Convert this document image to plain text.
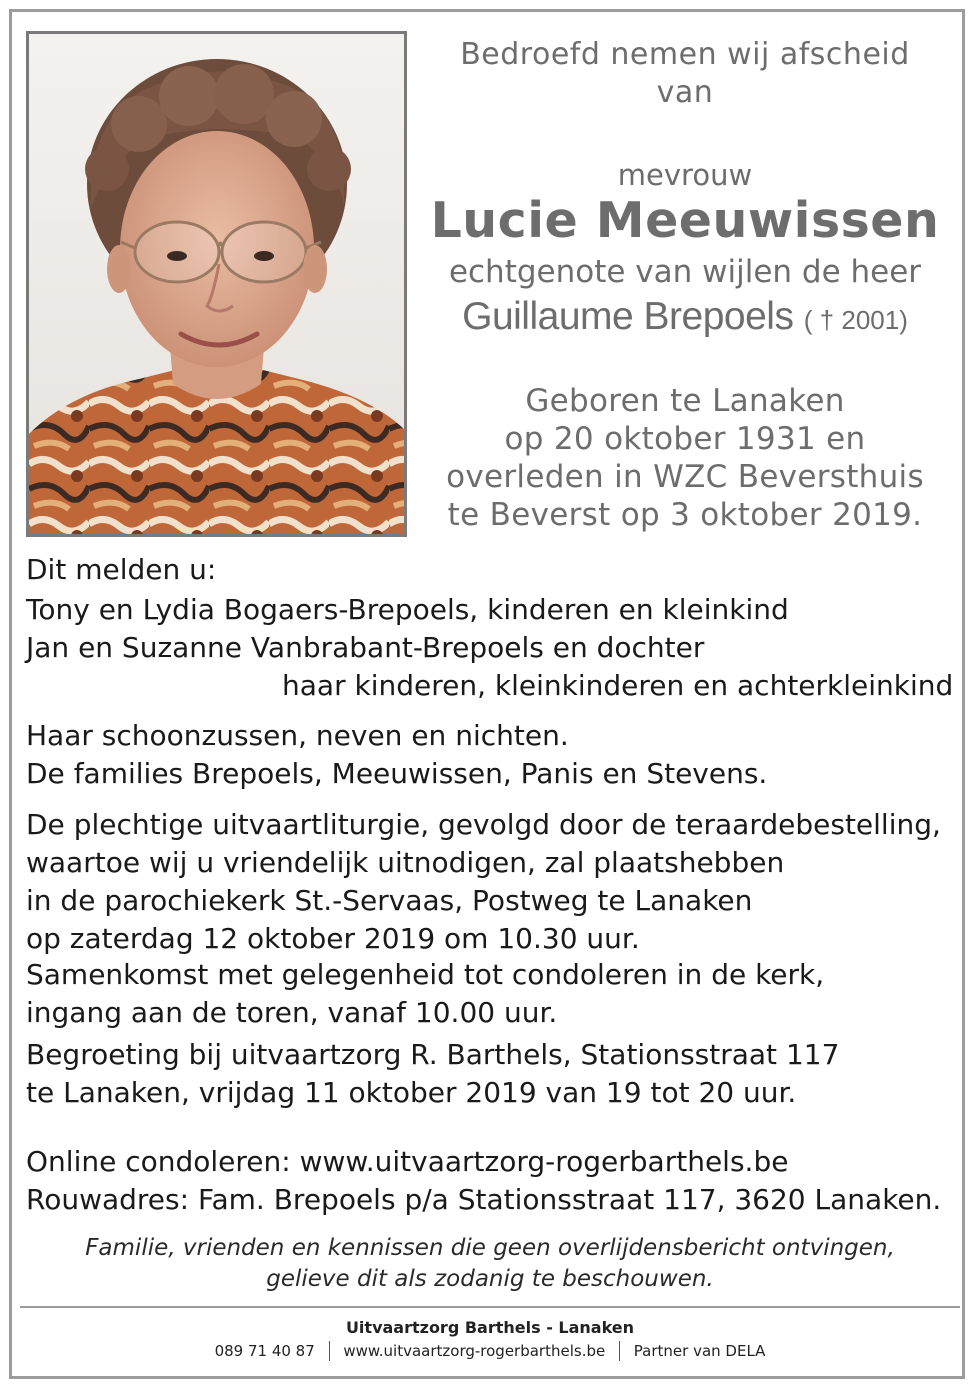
Bedroefd nemen wij afscheid
van
mevrouw
Lucie Meeuwissen
echtgenote van wijlen de heer
Guillaume Brepoels ( † 2001)
Geboren te Lanaken
op 20 oktober 1931 en
overleden in WZC Beversthuis
te Beverst op 3 oktober 2019.
Dit melden u:
Tony en Lydia Bogaers-Brepoels, kinderen en kleinkind
Jan en Suzanne Vanbrabant-Brepoels en dochter
haar kinderen, kleinkinderen en achterkleinkind
Haar schoonzussen, neven en nichten.
De families Brepoels, Meeuwissen, Panis en Stevens.
De plechtige uitvaartliturgie, gevolgd door de teraardebestelling,
waartoe wij u vriendelijk uitnodigen, zal plaatshebben
in de parochiekerk St.-Servaas, Postweg te Lanaken
op zaterdag 12 oktober 2019 om 10.30 uur.
Samenkomst met gelegenheid tot condoleren in de kerk,
ingang aan de toren, vanaf 10.00 uur.
Begroeting bij uitvaartzorg R. Barthels, Stationsstraat 117
te Lanaken, vrijdag 11 oktober 2019 van 19 tot 20 uur.
Online condoleren: www.uitvaartzorg-rogerbarthels.be
Rouwadres: Fam. Brepoels p/a Stationsstraat 117, 3620 Lanaken.
Familie, vrienden en kennissen die geen overlijdensbericht ontvingen,
gelieve dit als zodanig te beschouwen.
Uitvaartzorg Barthels - Lanaken
089 71 40 87 www.uitvaartzorg-rogerbarthels.be Partner van DELA
